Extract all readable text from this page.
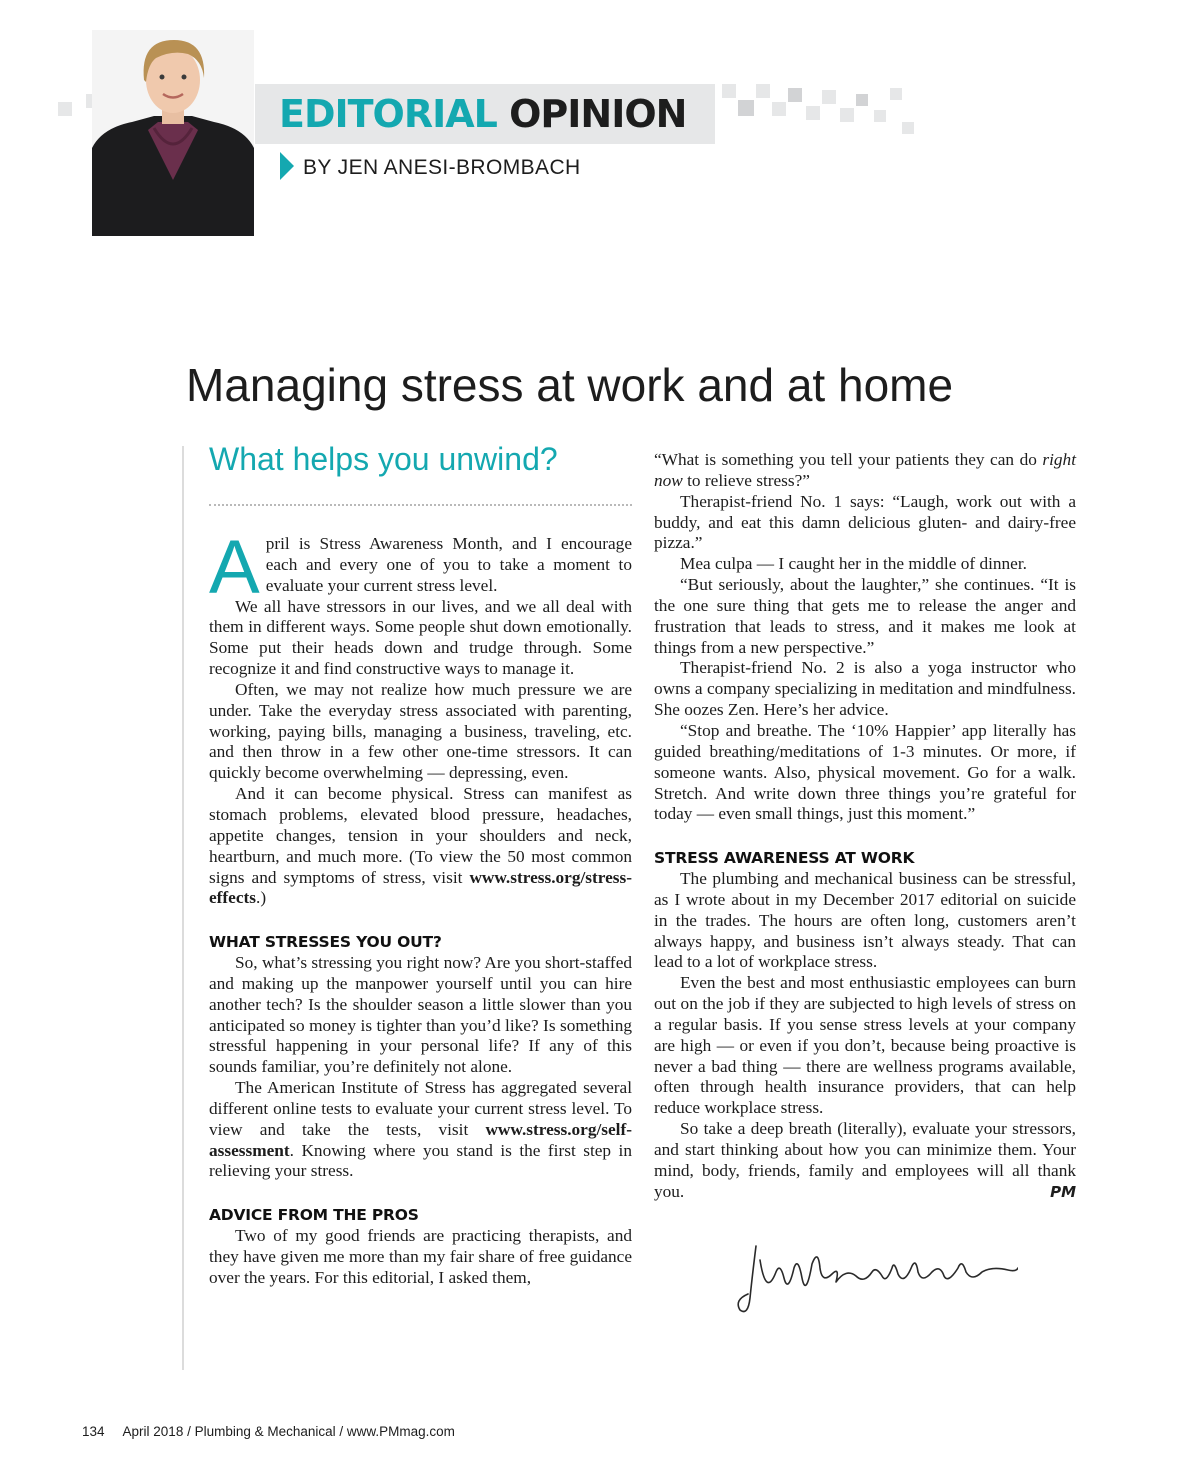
EDITORIAL OPINION

BY JEN ANESI-BROMBACH

Managing stress at work and at home
What helps you unwind?

April is Stress Awareness Month, and I encourage each and every one of you to take a moment to evaluate your current stress level.

We all have stressors in our lives, and we all deal with them in different ways. Some people shut down emotionally. Some put their heads down and trudge through. Some recognize it and find constructive ways to manage it.

Often, we may not realize how much pressure we are under. Take the everyday stress associated with parenting, working, paying bills, managing a business, traveling, etc. and then throw in a few other one-time stressors. It can quickly become overwhelming — depressing, even.

And it can become physical. Stress can manifest as stomach problems, elevated blood pressure, headaches, appetite changes, tension in your shoulders and neck, heartburn, and much more. (To view the 50 most common signs and symptoms of stress, visit www.stress.org/stress-effects.)

WHAT STRESSES YOU OUT?

So, what’s stressing you right now? Are you short-staffed and making up the manpower yourself until you can hire another tech? Is the shoulder season a little slower than you anticipated so money is tighter than you’d like? Is something stressful happening in your personal life? If any of this sounds familiar, you’re definitely not alone.

The American Institute of Stress has aggregated several different online tests to evaluate your current stress level. To view and take the tests, visit www.stress.org/self-assessment. Knowing where you stand is the first step in relieving your stress.

ADVICE FROM THE PROS

Two of my good friends are practicing therapists, and they have given me more than my fair share of free guidance over the years. For this editorial, I asked them,

“What is something you tell your patients they can do right now to relieve stress?”

Therapist-friend No. 1 says: “Laugh, work out with a buddy, and eat this damn delicious gluten- and dairy-free pizza.”

Mea culpa — I caught her in the middle of dinner.

“But seriously, about the laughter,” she continues. “It is the one sure thing that gets me to release the anger and frustration that leads to stress, and it makes me look at things from a new perspective.”

Therapist-friend No. 2 is also a yoga instructor who owns a company specializing in meditation and mindfulness. She oozes Zen. Here’s her advice.

“Stop and breathe. The ‘10% Happier’ app literally has guided breathing/meditations of 1-3 minutes. Or more, if someone wants. Also, physical movement. Go for a walk. Stretch. And write down three things you’re grateful for today — even small things, just this moment.”

STRESS AWARENESS AT WORK

The plumbing and mechanical business can be stressful, as I wrote about in my December 2017 editorial on suicide in the trades. The hours are often long, customers aren’t always happy, and business isn’t always steady. That can lead to a lot of workplace stress.

Even the best and most enthusiastic employees can burn out on the job if they are subjected to high levels of stress on a regular basis. If you sense stress levels at your company are high — or even if you don’t, because being proactive is never a bad thing — there are wellness programs available, often through health insurance providers, that can help reduce workplace stress.

So take a deep breath (literally), evaluate your stressors, and start thinking about how you can minimize them. Your mind, body, friends, family and employees will all thank you.	PM

134 April 2018 / Plumbing & Mechanical / www.PMmag.com
